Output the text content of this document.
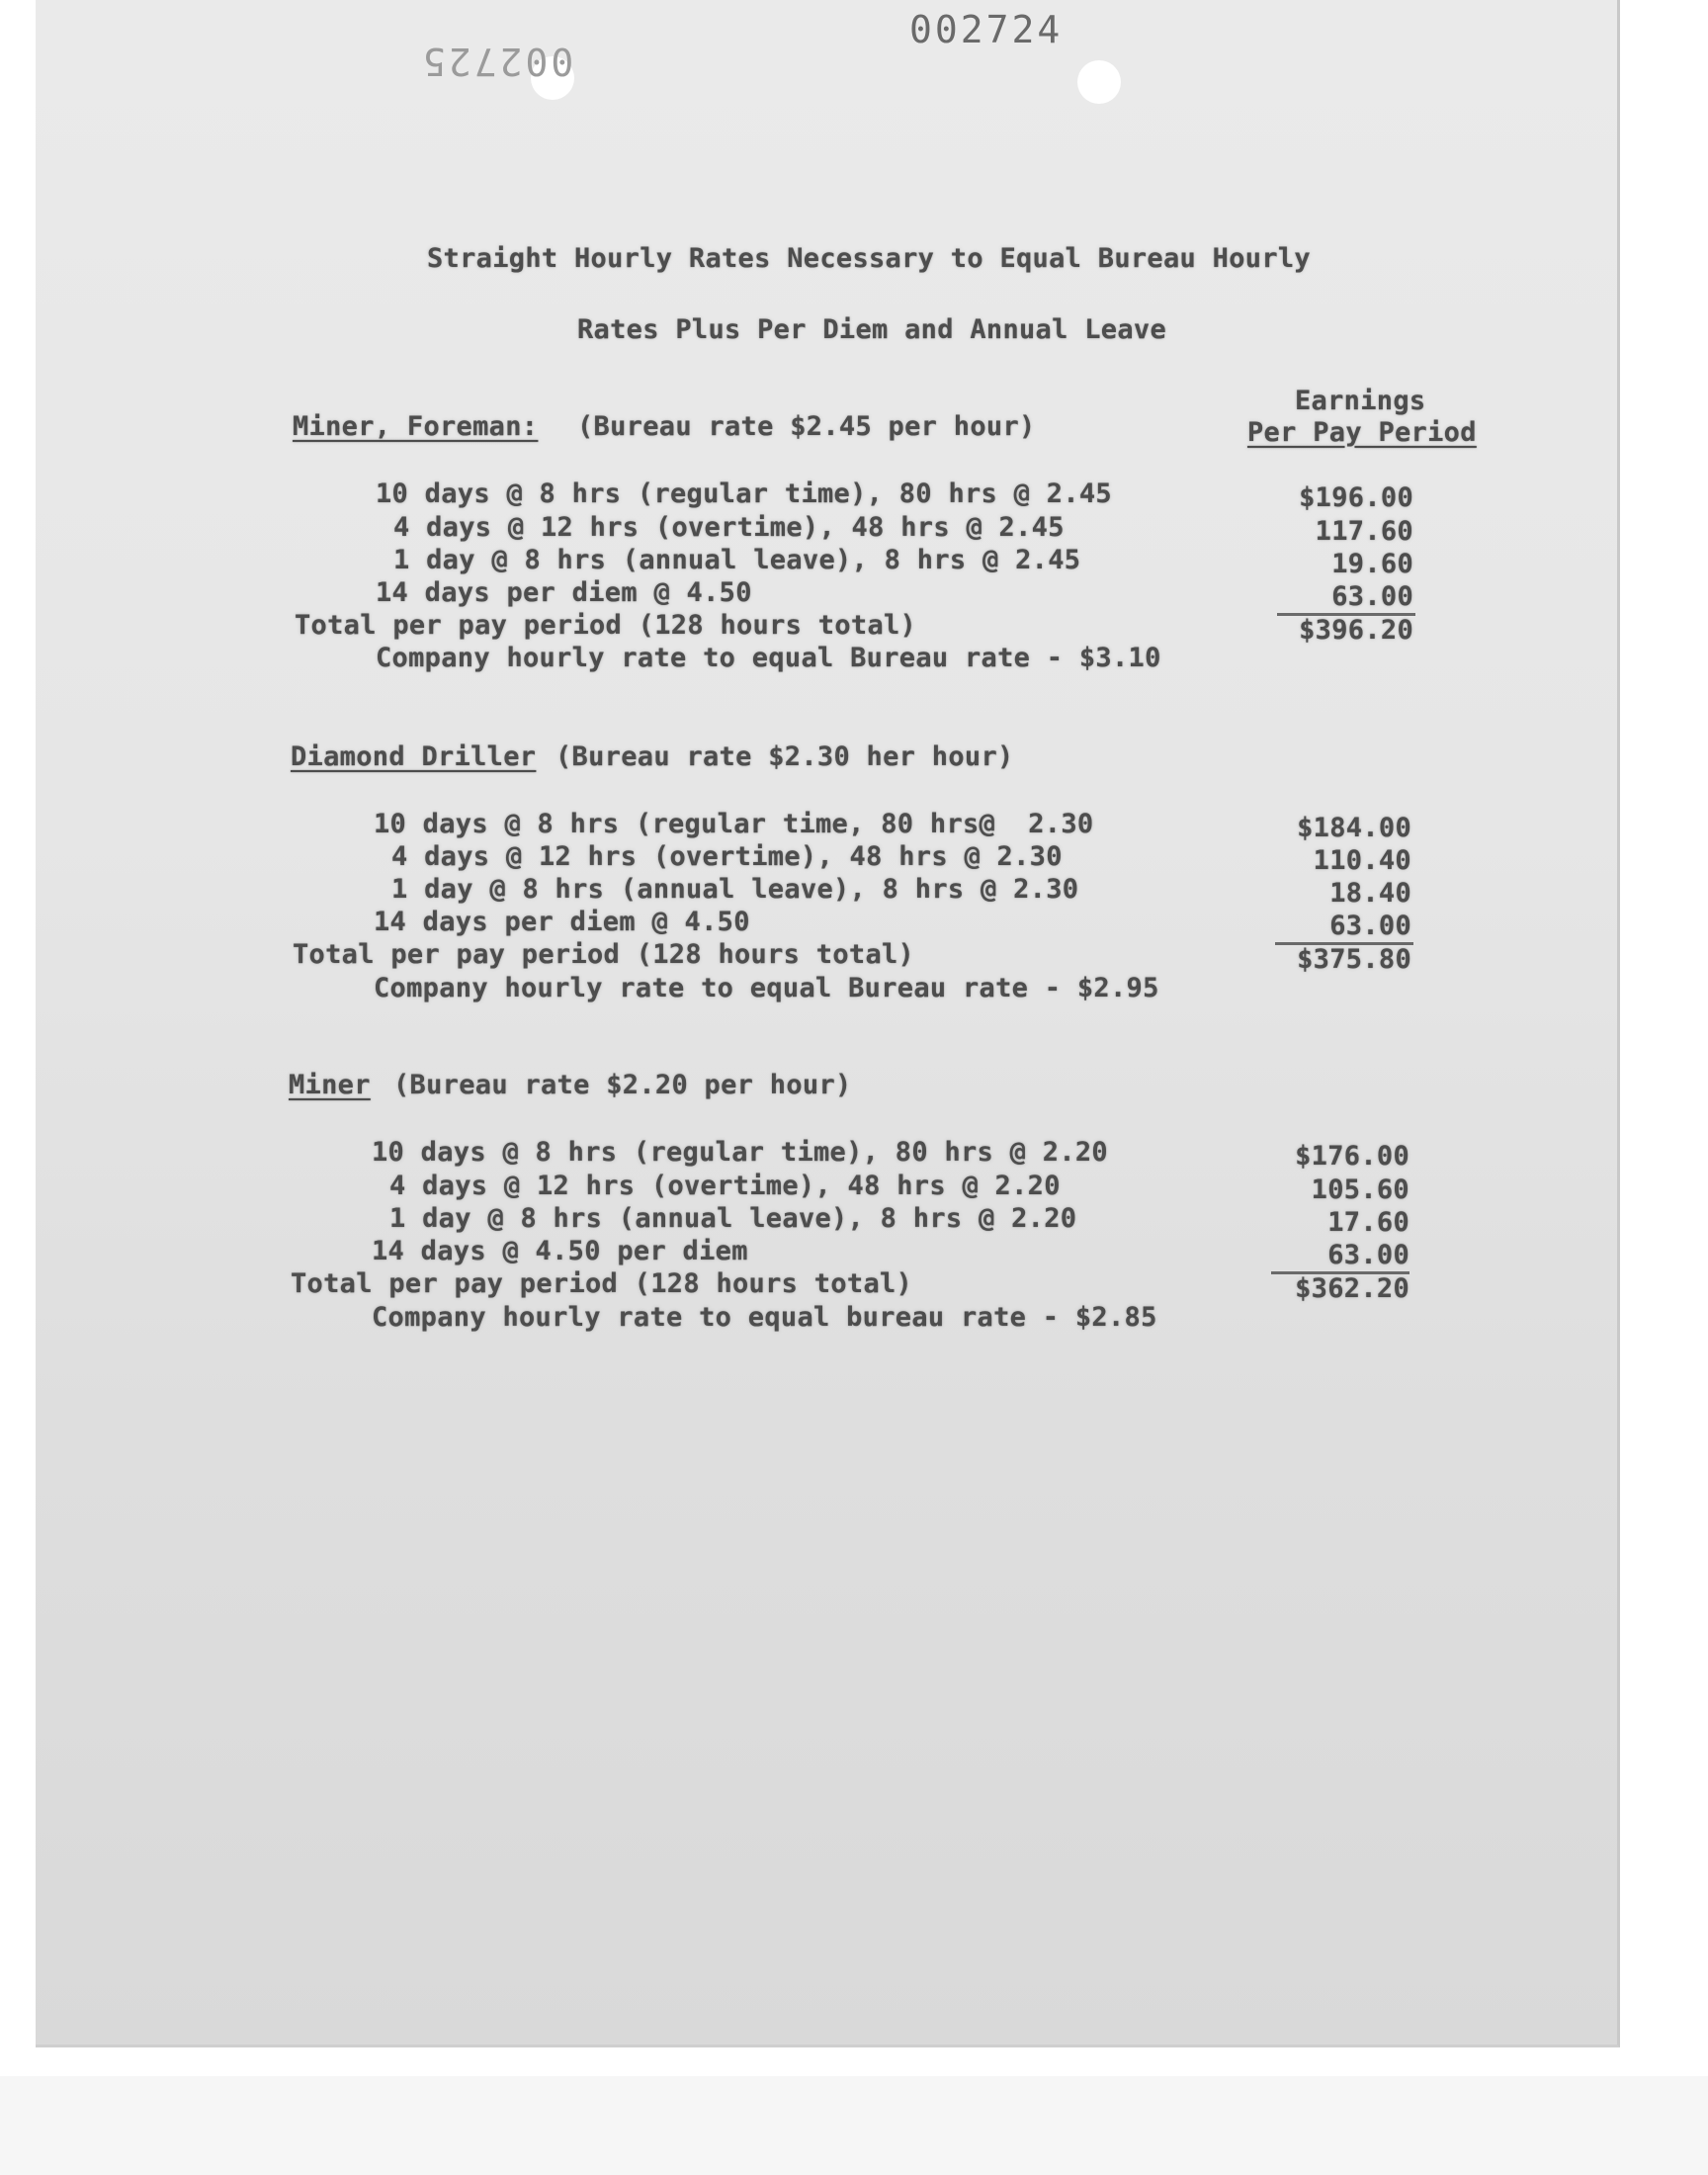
002724
002725
Straight Hourly Rates Necessary to Equal Bureau Hourly
Rates Plus Per Diem and Annual Leave
Earnings
Per Pay Period
Miner, Foreman: (Bureau rate $2.45 per hour)
10 days @ 8 hrs (regular time), 80 hrs @ 2.45	$196.00
4 days @ 12 hrs (overtime), 48 hrs @ 2.45	117.60
1 day @ 8 hrs (annual leave), 8 hrs @ 2.45	19.60
14 days per diem @ 4.50	63.00
Total per pay period (128 hours total)	$396.20
Company hourly rate to equal Bureau rate - $3.10
Diamond Driller (Bureau rate $2.30 her hour)
10 days @ 8 hrs (regular time, 80 hrs@  2.30	$184.00
4 days @ 12 hrs (overtime), 48 hrs @ 2.30	110.40
1 day @ 8 hrs (annual leave), 8 hrs @ 2.30	18.40
14 days per diem @ 4.50	63.00
Total per pay period (128 hours total)	$375.80
Company hourly rate to equal Bureau rate - $2.95
Miner (Bureau rate $2.20 per hour)
10 days @ 8 hrs (regular time), 80 hrs @ 2.20	$176.00
4 days @ 12 hrs (overtime), 48 hrs @ 2.20	105.60
1 day @ 8 hrs (annual leave), 8 hrs @ 2.20	17.60
14 days @ 4.50 per diem	63.00
Total per pay period (128 hours total)	$362.20
Company hourly rate to equal bureau rate - $2.85
